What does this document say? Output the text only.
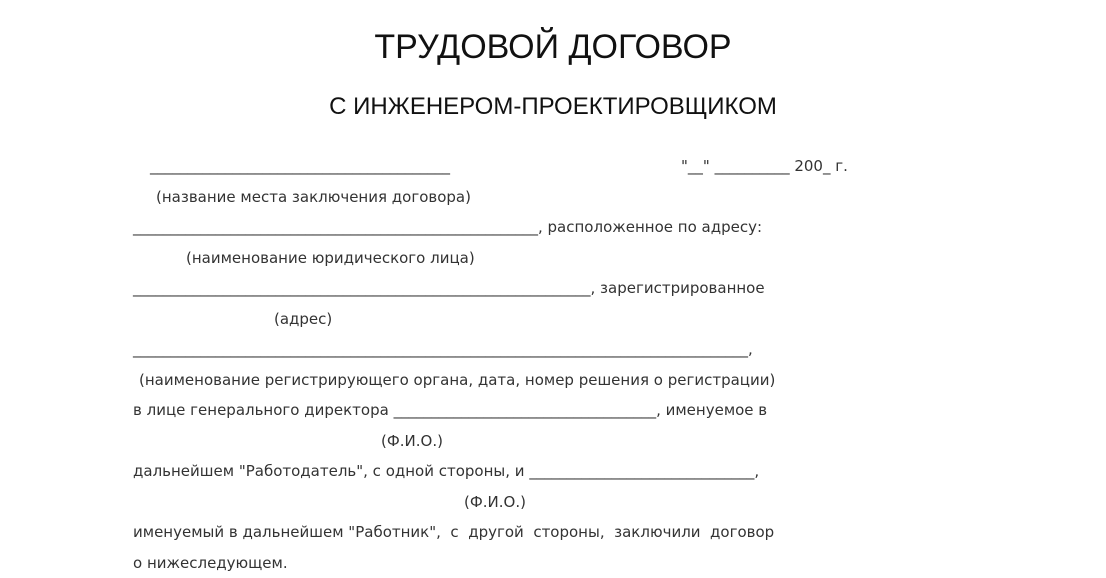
ТРУДОВОЙ ДОГОВОР
С ИНЖЕНЕРОМ-ПРОЕКТИРОВЩИКОМ
________________________________________	"__" __________ 200_ г.
(название места заключения договора)
______________________________________________________, расположенное по адресу:
(наименование юридического лица)
_____________________________________________________________, зарегистрированное
(адрес)
__________________________________________________________________________________,
(наименование регистрирующего органа, дата, номер решения о регистрации)
в лице генерального директора ___________________________________, именуемое в
(Ф.И.О.)
дальнейшем "Работодатель", с одной стороны, и ______________________________,
(Ф.И.О.)
именуемый в дальнейшем "Работник",  с  другой  стороны,  заключили  договор
о нижеследующем.
